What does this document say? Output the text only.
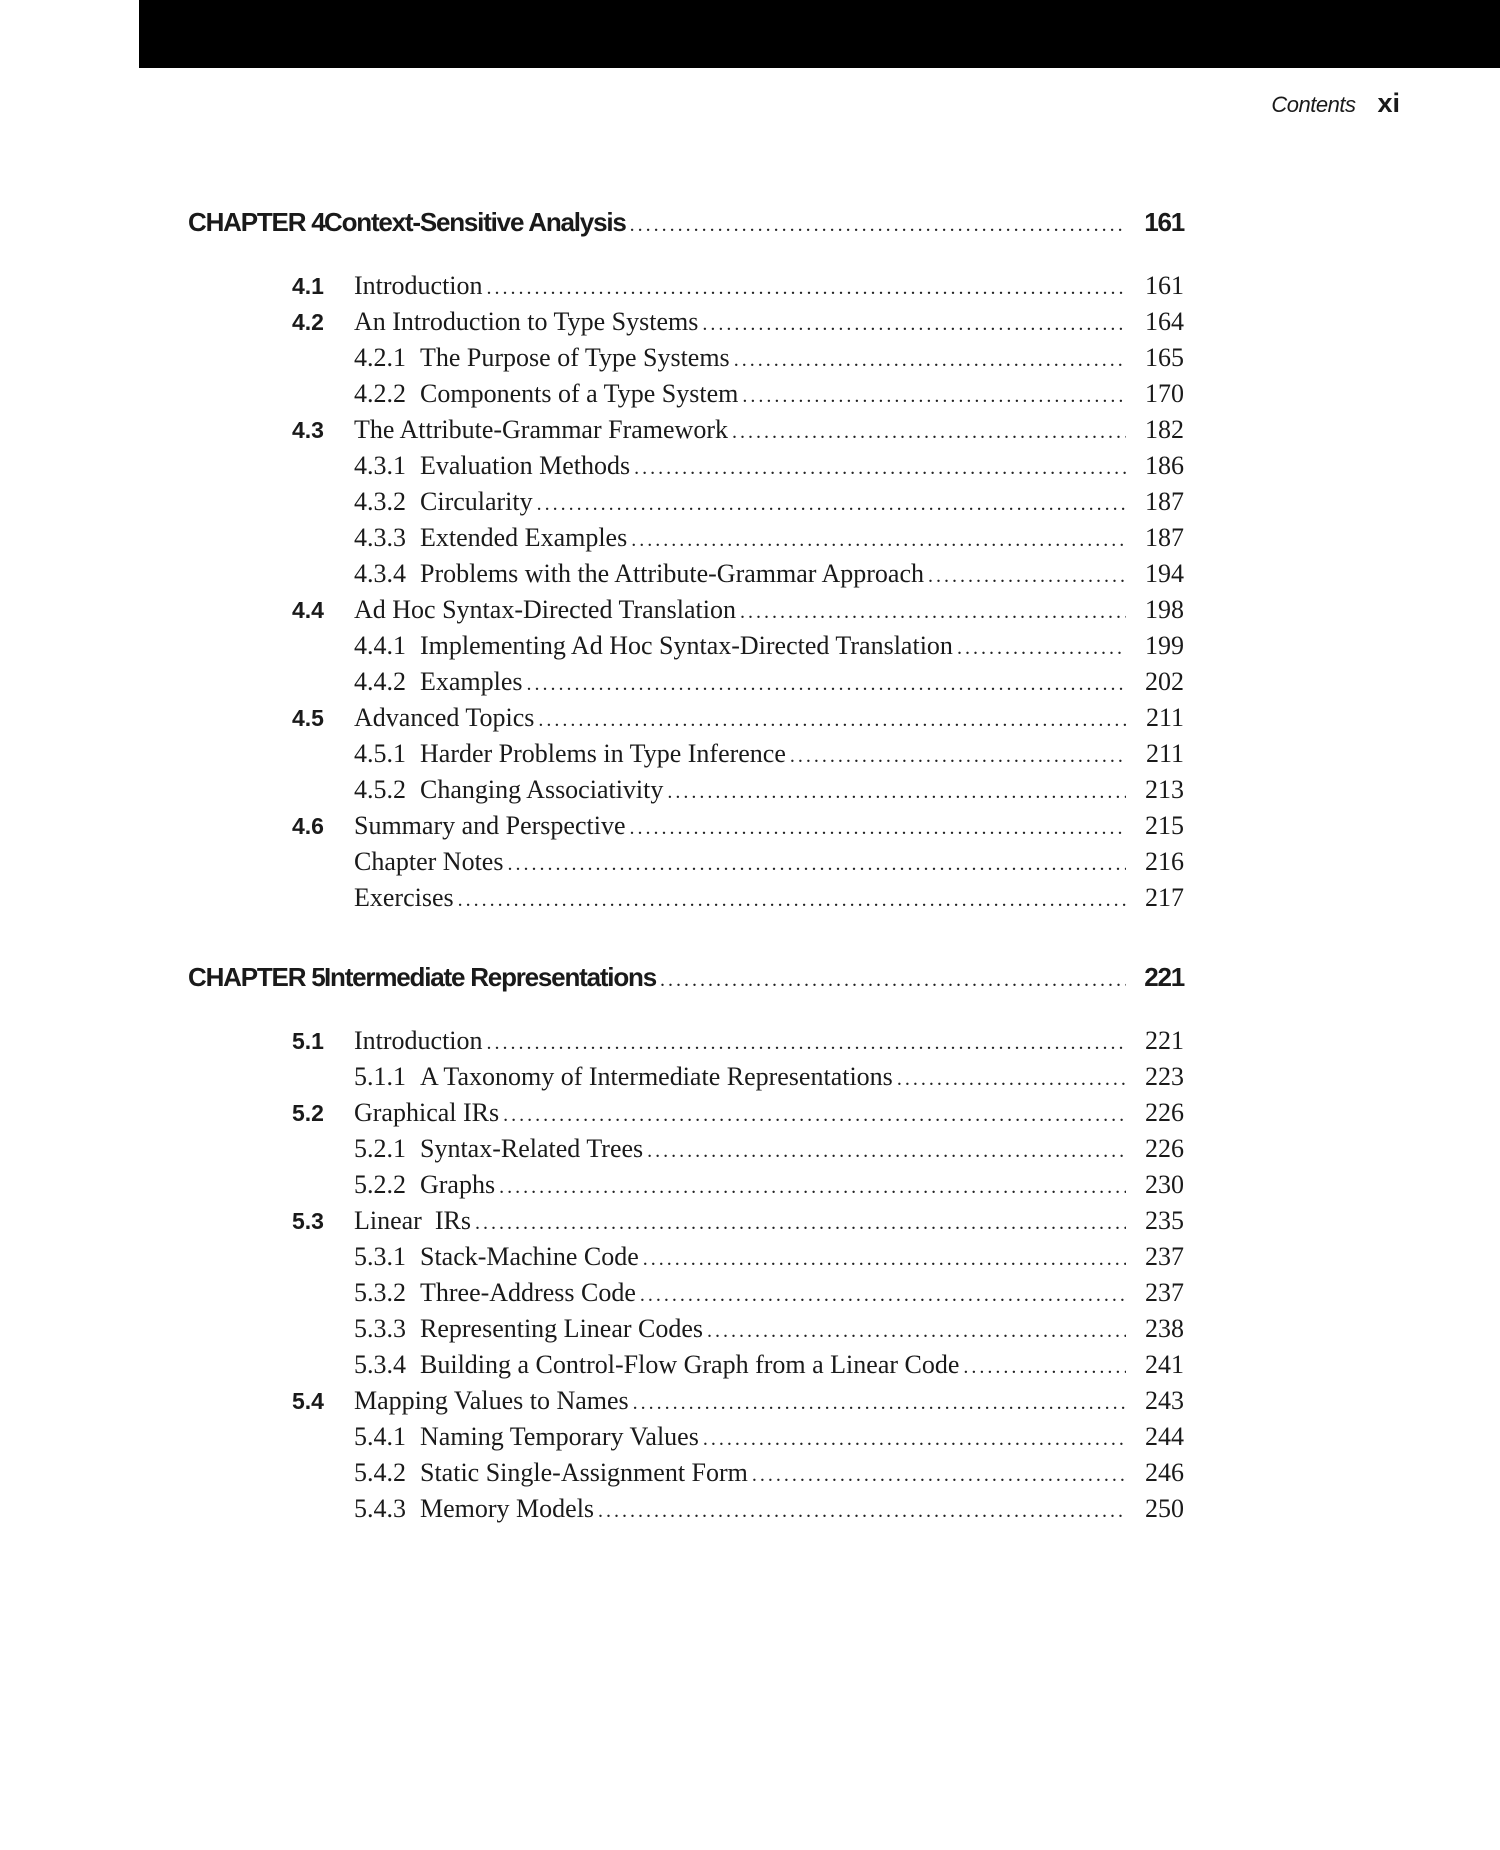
Contents xi
CHAPTER 4 Context-Sensitive Analysis .....	161
4.1 Introduction .....	161
4.2 An Introduction to Type Systems .....	164
4.2.1 The Purpose of Type Systems .....	165
4.2.2 Components of a Type System .....	170
4.3 The Attribute-Grammar Framework .....	182
4.3.1 Evaluation Methods .....	186
4.3.2 Circularity .....	187
4.3.3 Extended Examples .....	187
4.3.4 Problems with the Attribute-Grammar Approach .....	194
4.4 Ad Hoc Syntax-Directed Translation .....	198
4.4.1 Implementing Ad Hoc Syntax-Directed Translation .....	199
4.4.2 Examples .....	202
4.5 Advanced Topics .....	211
4.5.1 Harder Problems in Type Inference .....	211
4.5.2 Changing Associativity .....	213
4.6 Summary and Perspective .....	215
Chapter Notes .....	216
Exercises .....	217
CHAPTER 5 Intermediate Representations .....	221
5.1 Introduction .....	221
5.1.1 A Taxonomy of Intermediate Representations .....	223
5.2 Graphical IRs .....	226
5.2.1 Syntax-Related Trees .....	226
5.2.2 Graphs .....	230
5.3 Linear  IRs .....	235
5.3.1 Stack-Machine Code .....	237
5.3.2 Three-Address Code .....	237
5.3.3 Representing Linear Codes .....	238
5.3.4 Building a Control-Flow Graph from a Linear Code .....	241
5.4 Mapping Values to Names .....	243
5.4.1 Naming Temporary Values .....	244
5.4.2 Static Single-Assignment Form .....	246
5.4.3 Memory Models .....	250
